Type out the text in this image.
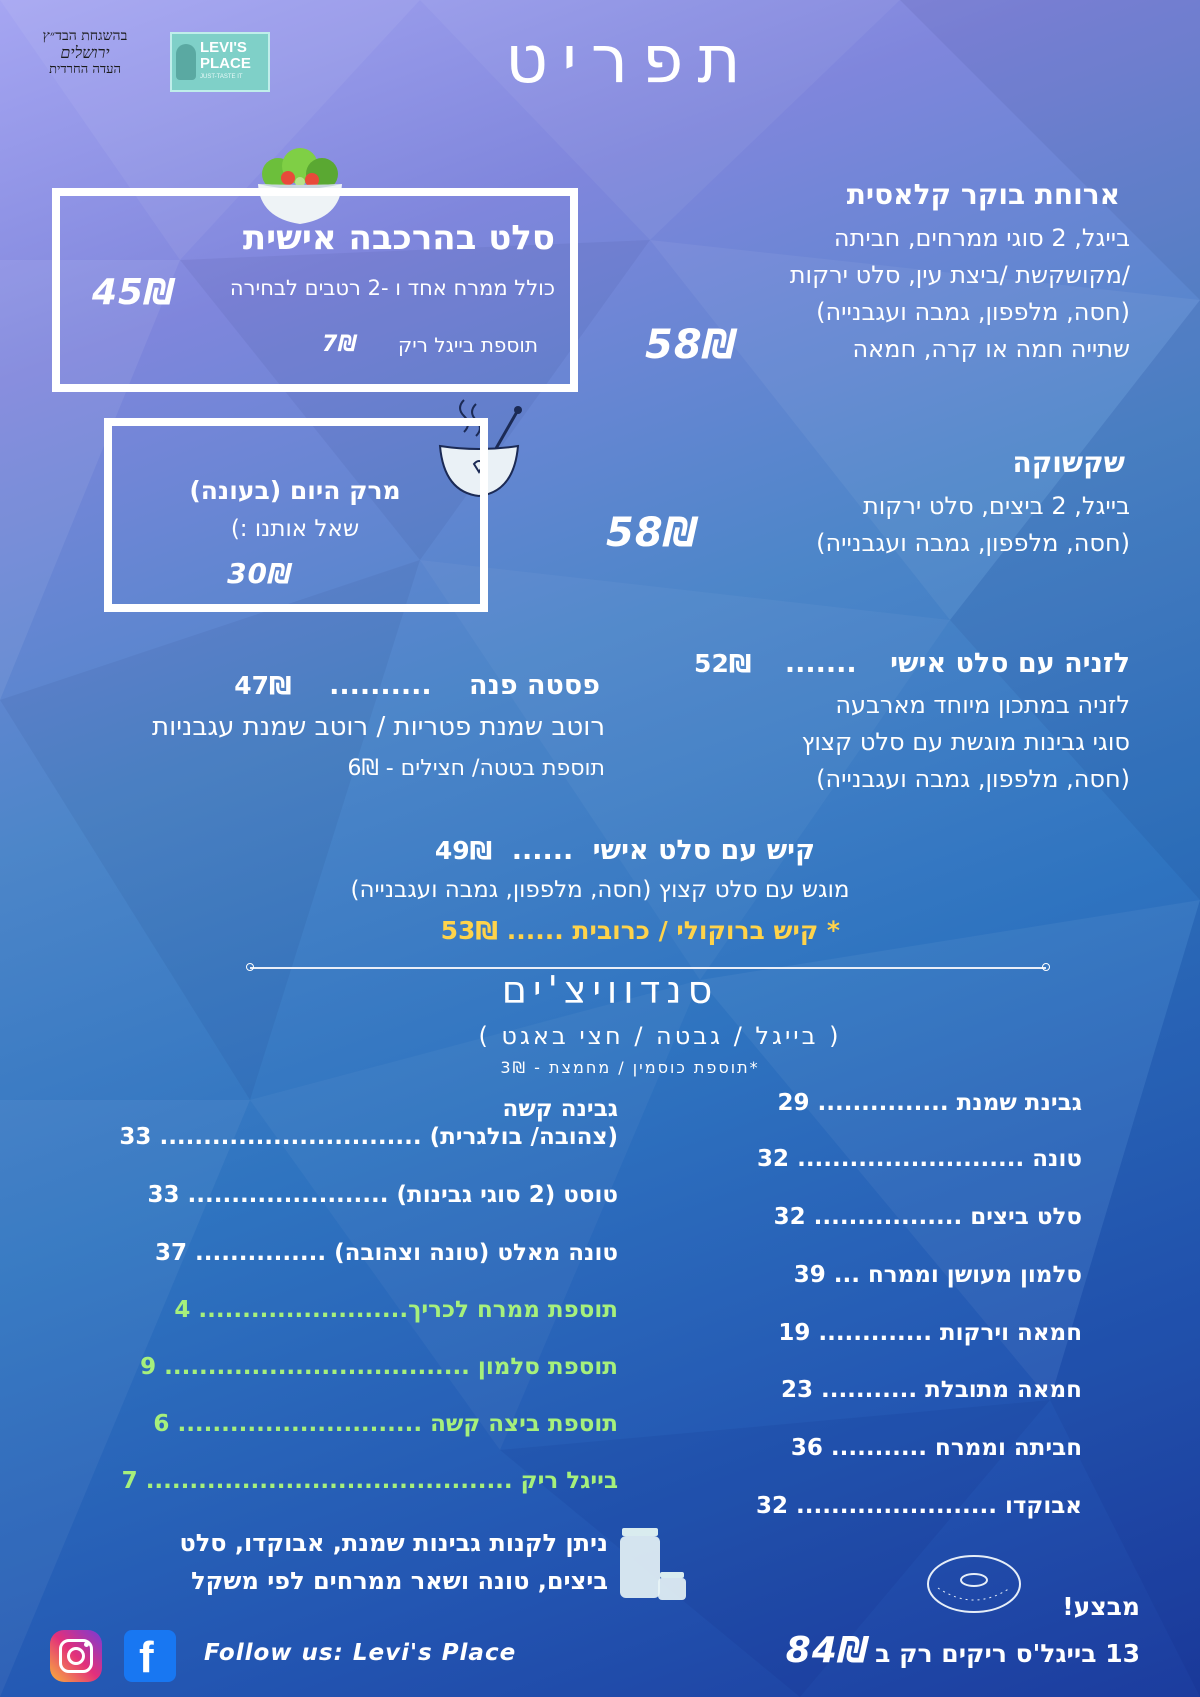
בהשגחת הבד״ץ
ירושלים
העדה החרדית
LEVI'S
PLACE
JUST-TASTE IT	תפריט
סלט בהרכבה אישית
כולל ממרח אחד ו -2 רטבים לבחירה
45₪
תוספת בייגל ריק
7₪
מרק היום (בעונה)
שאל אותנו :)
30₪
ארוחת בוקר קלאסית
בייגל, 2 סוגי ממרחים, חביתה
/מקושקשת /ביצת עין, סלט ירקות
(חסה, מלפפון, גמבה ועגבנייה)
שתייה חמה או קרה, חמאה
58₪
שקשוקה
בייגל, 2 ביצים, סלט ירקות
(חסה, מלפפון, גמבה ועגבנייה)
58₪
לזניה עם סלט אישי ....... 52₪
לזניה במתכון מיוחד מארבעה
סוגי גבינות מוגשת עם סלט קצוץ
(חסה, מלפפון, גמבה ועגבנייה)
פסטה פנה .......... 47₪
רוטב שמנת פטריות / רוטב שמנת עגבניות
תוספת בטטה/ חצילים - 6₪
קיש עם סלט אישי ...... 49₪
מוגש עם סלט קצוץ (חסה, מלפפון, גמבה ועגבנייה)
* קיש ברוקולי / כרובית ...... 53₪
סנדוויצ'ים
( בייגל / גבטה / חצי באגט )
*תוספת כוסמין / מחמצת - 3₪
גבינת שמנת ............... 29
טונה .......................... 32
סלט ביצים ................. 32
סלמון מעושן וממרח ... 39
חמאה וירקות ............. 19
חמאה מתובלת ........... 23
חביתה וממרח ........... 36
אבוקדו ....................... 32
גבינה קשה
(צהובה/ בולגרית) .............................. 33
טוסט (2 סוגי גבינות) ....................... 33
טונה מאלט (טונה וצהובה) ............... 37
תוספת ממרח לכריך........................ 4
תוספת סלמון ................................... 9
תוספת ביצה קשה ............................ 6
בייגל ריק .......................................... 7
ניתן לקנות גבינות שמנת, אבוקדו, סלט
ביצים, טונה ושאר ממרחים לפי משקל
מבצע!
13 בייגל'ס ריקים רק ב 84₪
f Follow us: Levi's Place
